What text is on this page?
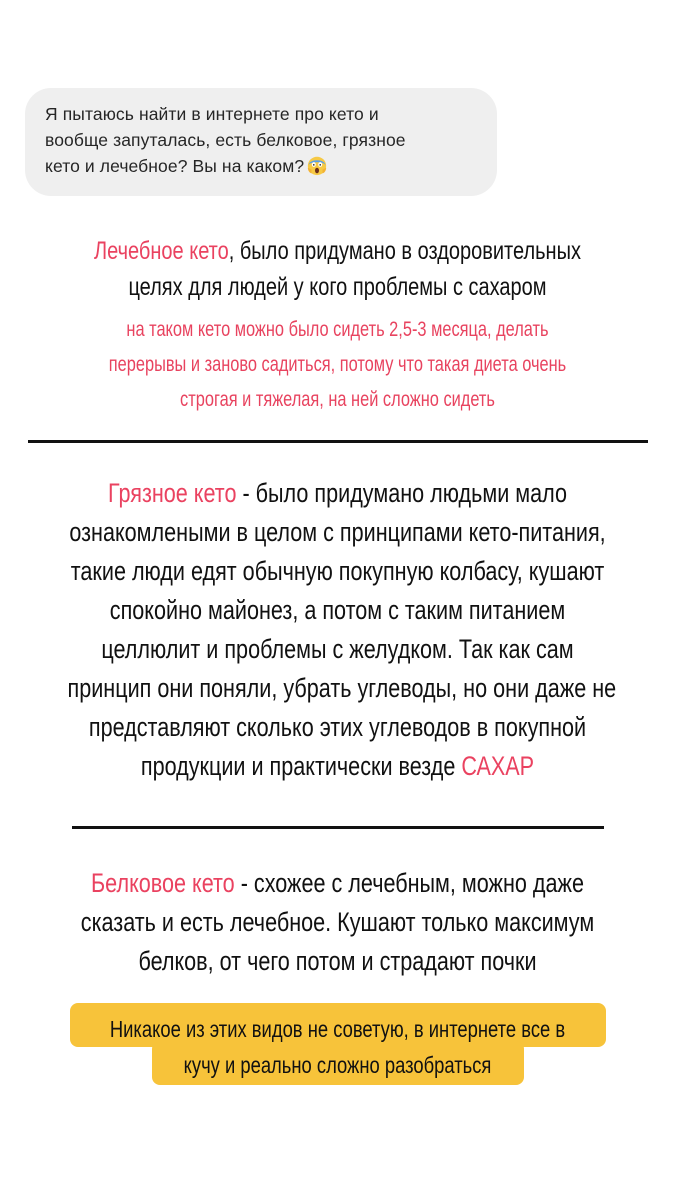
Я пытаюсь найти в интернете про кето и
вообще запуталась, есть белковое, грязное
кето и лечебное? Вы на каком?
Лечебное кето, было придумано в оздоровительных
целях для людей у кого проблемы с сахаром
на таком кето можно было сидеть 2,5-3 месяца, делать
перерывы и заново садиться, потому что такая диета очень
строгая и тяжелая, на ней сложно сидеть
Грязное кето - было придумано людьми мало
ознакомлеными в целом с принципами кето-питания,
такие люди едят обычную покупную колбасу, кушают
спокойно майонез, а потом с таким питанием
целлюлит и проблемы с желудком. Так как сам
принцип они поняли, убрать углеводы, но они даже не
представляют сколько этих углеводов в покупной
продукции и практически везде САХАР
Белковое кето - схожее с лечебным, можно даже
сказать и есть лечебное. Кушают только максимум
белков, от чего потом и страдают почки
Никакое из этих видов не советую, в интернете все в
кучу и реально сложно разобраться
